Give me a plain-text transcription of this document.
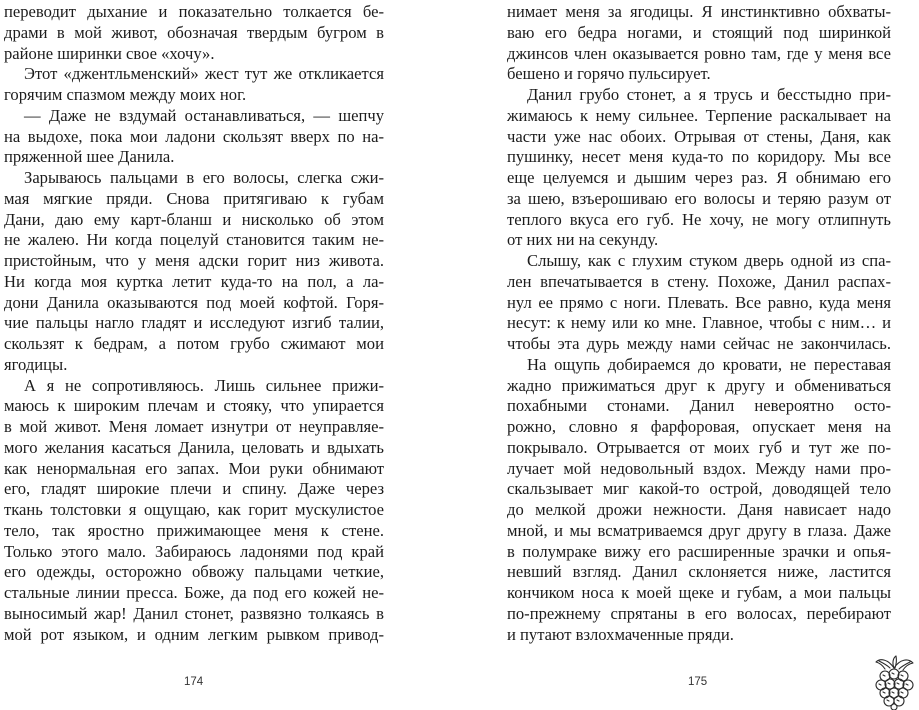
переводит дыхание и показательно толкается бе-
драми в мой живот, обозначая твердым бугром в
районе ширинки свое «хочу».
Этот «джентльменский» жест тут же откликается
горячим спазмом между моих ног.
— Даже не вздумай останавливаться, — шепчу
на выдохе, пока мои ладони скользят вверх по на-
пряженной шее Данила.
Зарываюсь пальцами в его волосы, слегка сжи-
мая мягкие пряди. Снова притягиваю к губам
Дани, даю ему карт-бланш и нисколько об этом
не жалею. Ни когда поцелуй становится таким не-
пристойным, что у меня адски горит низ живота.
Ни когда моя куртка летит куда-то на пол, а ла-
дони Данила оказываются под моей кофтой. Горя-
чие пальцы нагло гладят и исследуют изгиб талии,
скользят к бедрам, а потом грубо сжимают мои
ягодицы.
А я не сопротивляюсь. Лишь сильнее прижи-
маюсь к широким плечам и стояку, что упирается
в мой живот. Меня ломает изнутри от неуправляе-
мого желания касаться Данила, целовать и вдыхать
как ненормальная его запах. Мои руки обнимают
его, гладят широкие плечи и спину. Даже через
ткань толстовки я ощущаю, как горит мускулистое
тело, так яростно прижимающее меня к стене.
Только этого мало. Забираюсь ладонями под край
его одежды, осторожно обвожу пальцами четкие,
стальные линии пресса. Боже, да под его кожей не-
выносимый жар! Данил стонет, развязно толкаясь в
мой рот языком, и одним легким рывком привод-
174
нимает меня за ягодицы. Я инстинктивно обхваты-
ваю его бедра ногами, и стоящий под ширинкой
джинсов член оказывается ровно там, где у меня все
бешено и горячо пульсирует.
Данил грубо стонет, а я трусь и бесстыдно при-
жимаюсь к нему сильнее. Терпение раскалывает на
части уже нас обоих. Отрывая от стены, Даня, как
пушинку, несет меня куда-то по коридору. Мы все
еще целуемся и дышим через раз. Я обнимаю его
за шею, взъерошиваю его волосы и теряю разум от
теплого вкуса его губ. Не хочу, не могу отлипнуть
от них ни на секунду.
Слышу, как с глухим стуком дверь одной из спа-
лен впечатывается в стену. Похоже, Данил распах-
нул ее прямо с ноги. Плевать. Все равно, куда меня
несут: к нему или ко мне. Главное, чтобы с ним… и
чтобы эта дурь между нами сейчас не закончилась.
На ощупь добираемся до кровати, не переставая
жадно прижиматься друг к другу и обмениваться
похабными стонами. Данил невероятно осто-
рожно, словно я фарфоровая, опускает меня на
покрывало. Отрывается от моих губ и тут же по-
лучает мой недовольный вздох. Между нами про-
скальзывает миг какой-то острой, доводящей тело
до мелкой дрожи нежности. Даня нависает надо
мной, и мы всматриваемся друг другу в глаза. Даже
в полумраке вижу его расширенные зрачки и опья-
невший взгляд. Данил склоняется ниже, ластится
кончиком носа к моей щеке и губам, а мои пальцы
по-прежнему спрятаны в его волосах, перебирают
и путают взлохмаченные пряди.
175
